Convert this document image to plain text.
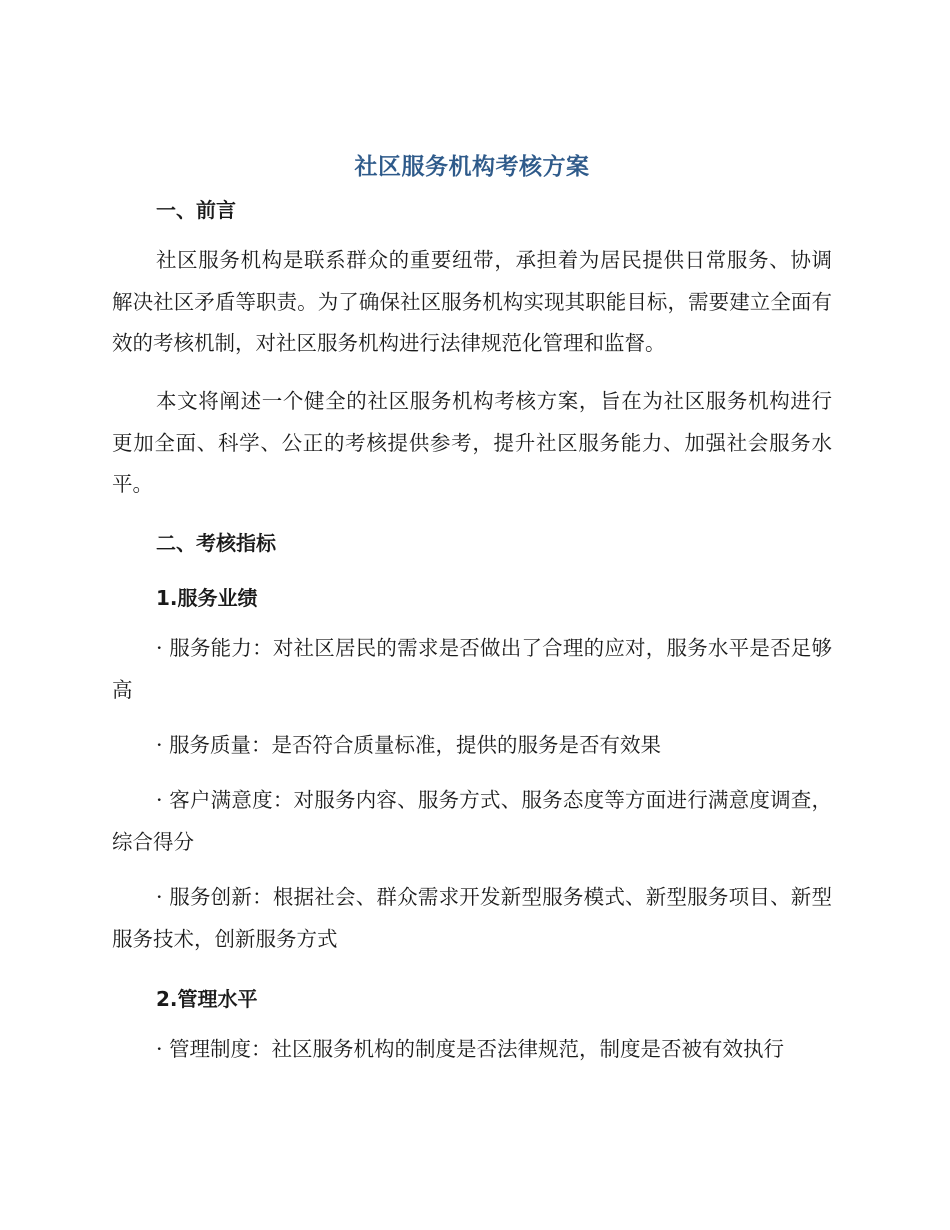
社区服务机构考核方案
一、前言

社区服务机构是联系群众的重要纽带，承担着为居民提供日常服务、协调解决社区矛盾等职责。为了确保社区服务机构实现其职能目标，需要建立全面有效的考核机制，对社区服务机构进行法律规范化管理和监督。

本文将阐述一个健全的社区服务机构考核方案，旨在为社区服务机构进行更加全面、科学、公正的考核提供参考，提升社区服务能力、加强社会服务水平。

二、考核指标
1.服务业绩

· 服务能力：对社区居民的需求是否做出了合理的应对，服务水平是否足够高

· 服务质量：是否符合质量标准，提供的服务是否有效果

· 客户满意度：对服务内容、服务方式、服务态度等方面进行满意度调查，综合得分

· 服务创新：根据社会、群众需求开发新型服务模式、新型服务项目、新型服务技术，创新服务方式

2.管理水平

· 管理制度：社区服务机构的制度是否法律规范，制度是否被有效执行
